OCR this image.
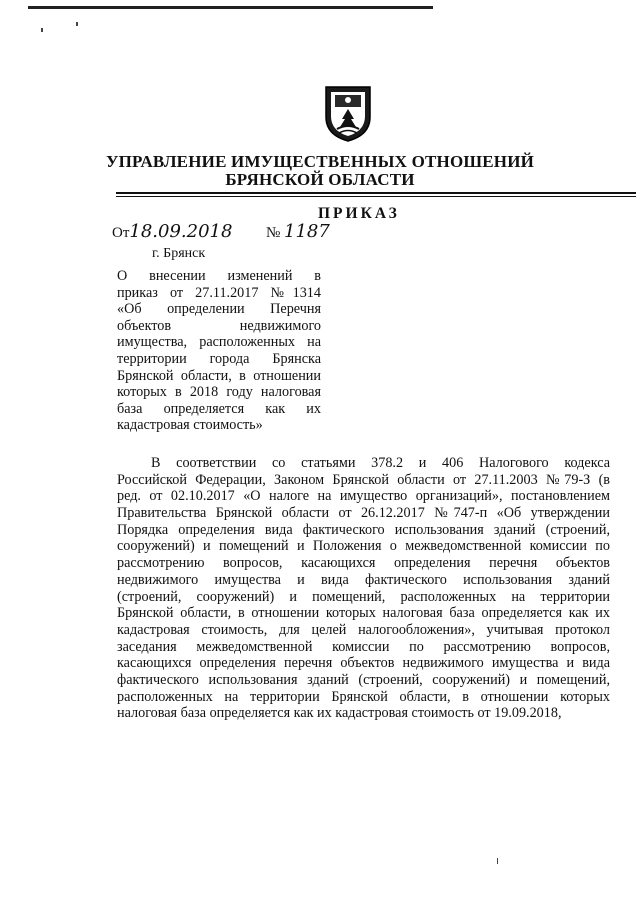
УПРАВЛЕНИЕ ИМУЩЕСТВЕННЫХ ОТНОШЕНИЙ
БРЯНСКОЙ ОБЛАСТИ
ПРИКАЗ
От18.09.2018 № 1187
г. Брянск
О внесении изменений в
приказ от 27.11.2017 №1314
«Об определении Перечня
объектов недвижимого
имущества, расположенных на
территории города Брянска
Брянской области, в отношении
которых в 2018 году налоговая
база определяется как их
кадастровая стоимость»
В соответствии со статьями 378.2 и 406 Налогового кодекса
Российской Федерации, Законом Брянской области от 27.11.2003 №79-З (в
ред. от 02.10.2017 «О налоге на имущество организаций», постановлением
Правительства Брянской области от 26.12.2017 №747-п «Об утверждении
Порядка определения вида фактического использования зданий (строений,
сооружений) и помещений и Положения о межведомственной комиссии по
рассмотрению вопросов, касающихся определения перечня объектов
недвижимого имущества и вида фактического использования зданий
(строений, сооружений) и помещений, расположенных на территории
Брянской области, в отношении которых налоговая база определяется как их
кадастровая стоимость, для целей налогообложения», учитывая протокол
заседания межведомственной комиссии по рассмотрению вопросов,
касающихся определения перечня объектов недвижимого имущества и вида
фактического использования зданий (строений, сооружений) и помещений,
расположенных на территории Брянской области, в отношении которых
налоговая база определяется как их кадастровая стоимость от 19.09.2018,
